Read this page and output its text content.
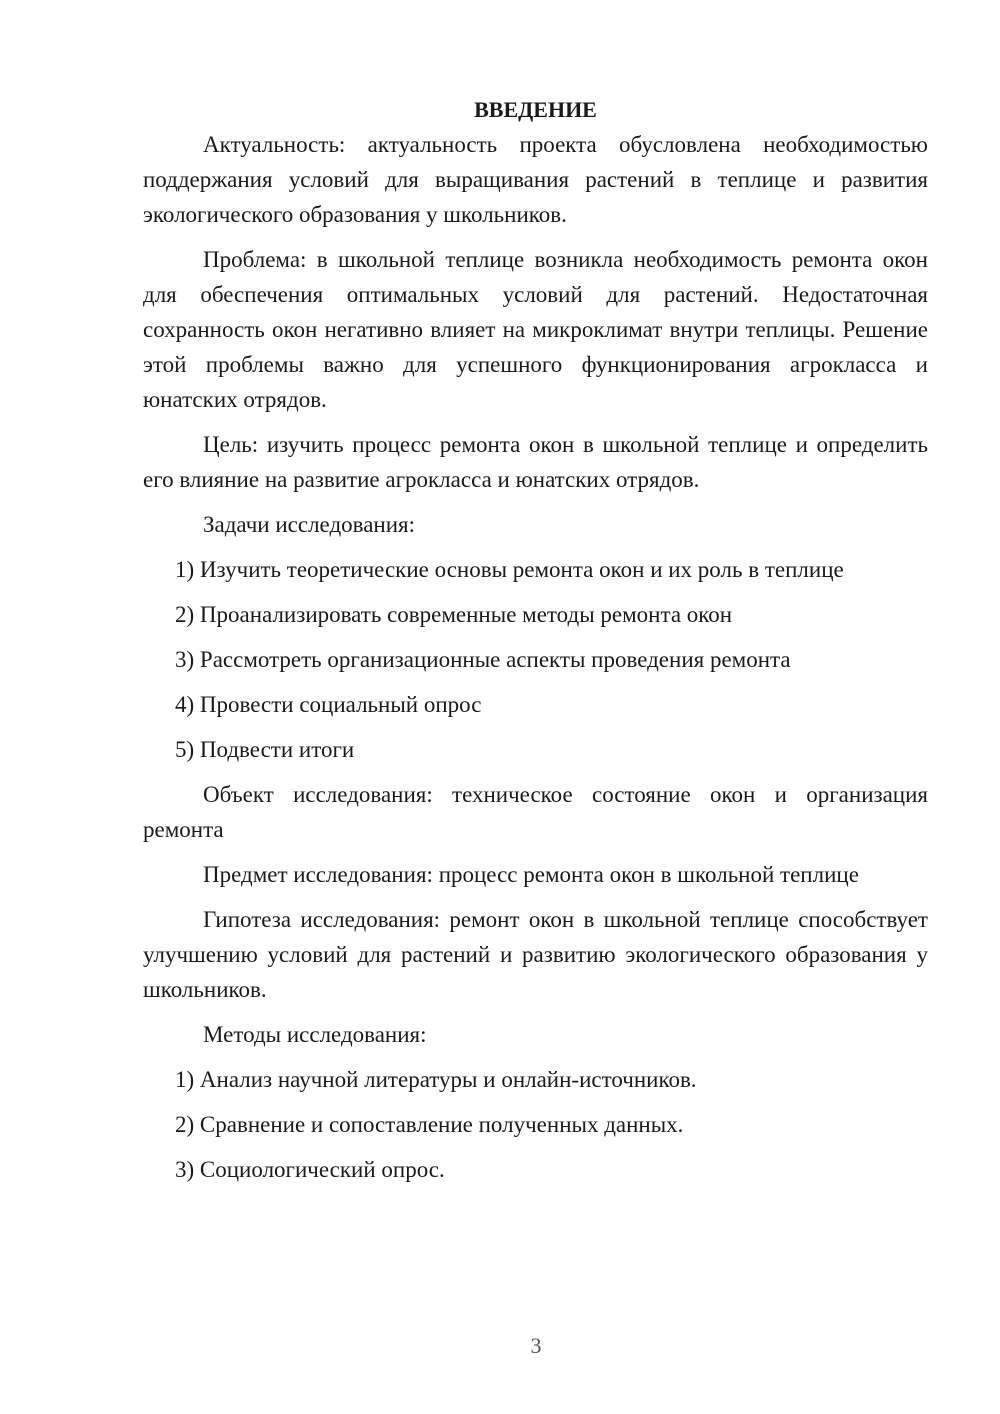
ВВЕДЕНИЕ

Актуальность: актуальность проекта обусловлена необходимостью поддержания условий для выращивания растений в теплице и развития экологического образования у школьников.

Проблема: в школьной теплице возникла необходимость ремонта окон для обеспечения оптимальных условий для растений. Недостаточная сохранность окон негативно влияет на микроклимат внутри теплицы. Решение этой проблемы важно для успешного функционирования агрокласса и юнатских отрядов.

Цель: изучить процесс ремонта окон в школьной теплице и определить его влияние на развитие агрокласса и юнатских отрядов.

Задачи исследования:

1) Изучить теоретические основы ремонта окон и их роль в теплице
2) Проанализировать современные методы ремонта окон
3) Рассмотреть организационные аспекты проведения ремонта
4) Провести социальный опрос
5) Подвести итоги

Объект исследования: техническое состояние окон и организация ремонта

Предмет исследования: процесс ремонта окон в школьной теплице

Гипотеза исследования: ремонт окон в школьной теплице способствует улучшению условий для растений и развитию экологического образования у школьников.

Методы исследования:

1) Анализ научной литературы и онлайн-источников.
2) Сравнение и сопоставление полученных данных.
3) Социологический опрос.
3
